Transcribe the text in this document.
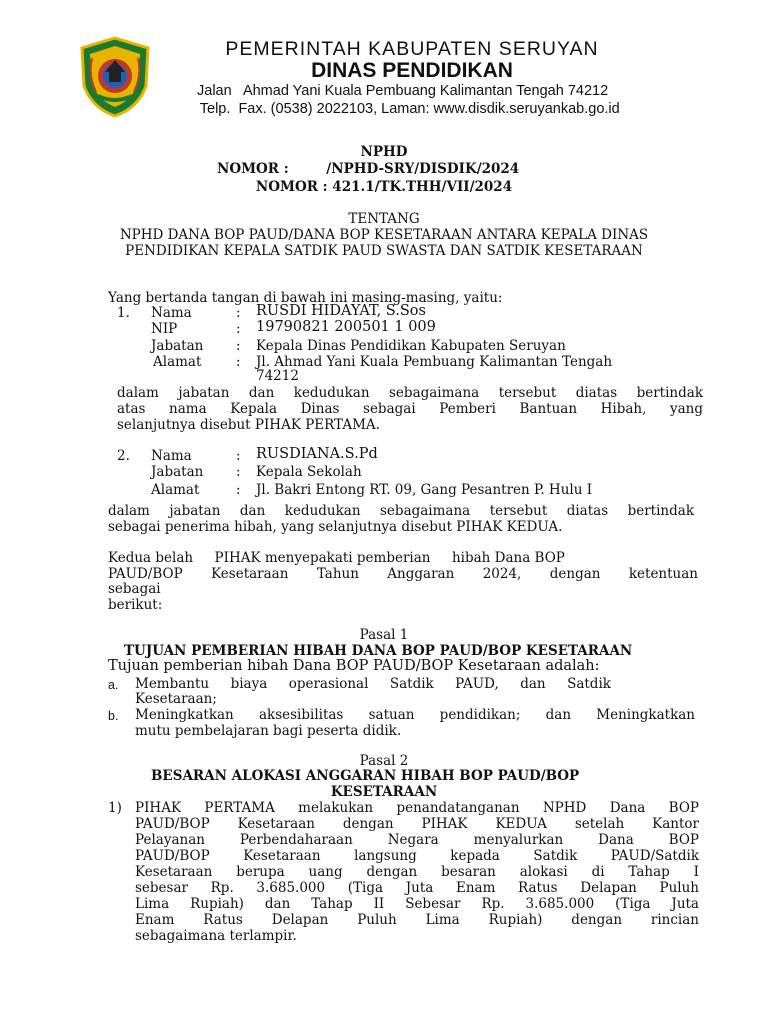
PEMERINTAH KABUPATEN SERUYAN
DINAS PENDIDIKAN
Jalan   Ahmad Yani Kuala Pembuang Kalimantan Tengah 74212
Telp.  Fax. (0538) 2022103, Laman: www.disdik.seruyankab.go.id
NPHD
NOMOR :        /NPHD-SRY/DISDIK/2024
NOMOR : 421.1/TK.THH/VII/2024
TENTANG
NPHD DANA BOP PAUD/DANA BOP KESETARAAN ANTARA KEPALA DINAS
PENDIDIKAN KEPALA SATDIK PAUD SWASTA DAN SATDIK KESETARAAN
Yang bertanda tangan di bawah ini masing-masing, yaitu:
1. Nama	: RUSDI HIDAYAT, S.Sos
NIP	: 19790821 200501 1 009
Jabatan : Kepala Dinas Pendidikan Kabupaten Seruyan
Alamat	: Jl. Ahmad Yani Kuala Pembuang Kalimantan Tengah
74212
dalam jabatan dan kedudukan sebagaimana tersebut diatas bertindak
atas nama Kepala Dinas sebagai Pemberi Bantuan Hibah, yang
selanjutnya disebut PIHAK PERTAMA.
2. Nama	: RUSDIANA.S.Pd
Jabatan : Kepala Sekolah
Alamat	: Jl. Bakri Entong RT. 09, Gang Pesantren P. Hulu I
dalam jabatan dan kedudukan sebagaimana tersebut diatas bertindak
sebagai penerima hibah, yang selanjutnya disebut PIHAK KEDUA.
Kedua belah     PIHAK menyepakati pemberian     hibah Dana BOP
PAUD/BOP Kesetaraan Tahun Anggaran 2024, dengan ketentuan
sebagai
berikut:
Pasal 1
TUJUAN PEMBERIAN HIBAH DANA BOP PAUD/BOP KESETARAAN
Tujuan pemberian hibah Dana BOP PAUD/BOP Kesetaraan adalah:
a. Membantu     biaya     operasional     Satdik     PAUD,     dan     Satdik
Kesetaraan;
b. Meningkatkan aksesibilitas satuan pendidikan; dan Meningkatkan
mutu pembelajaran bagi peserta didik.
Pasal 2
BESARAN ALOKASI ANGGARAN HIBAH BOP PAUD/BOP
KESETARAAN
1) PIHAK PERTAMA melakukan penandatanganan NPHD Dana BOP
PAUD/BOP Kesetaraan dengan PIHAK KEDUA setelah Kantor
Pelayanan Perbendaharaan Negara menyalurkan Dana BOP
PAUD/BOP Kesetaraan langsung kepada Satdik PAUD/Satdik
Kesetaraan berupa uang dengan besaran alokasi di Tahap I
sebesar Rp. 3.685.000 (Tiga Juta Enam Ratus Delapan Puluh
Lima Rupiah) dan Tahap II Sebesar Rp. 3.685.000 (Tiga Juta
Enam Ratus Delapan Puluh Lima Rupiah) dengan rincian
sebagaimana terlampir.
